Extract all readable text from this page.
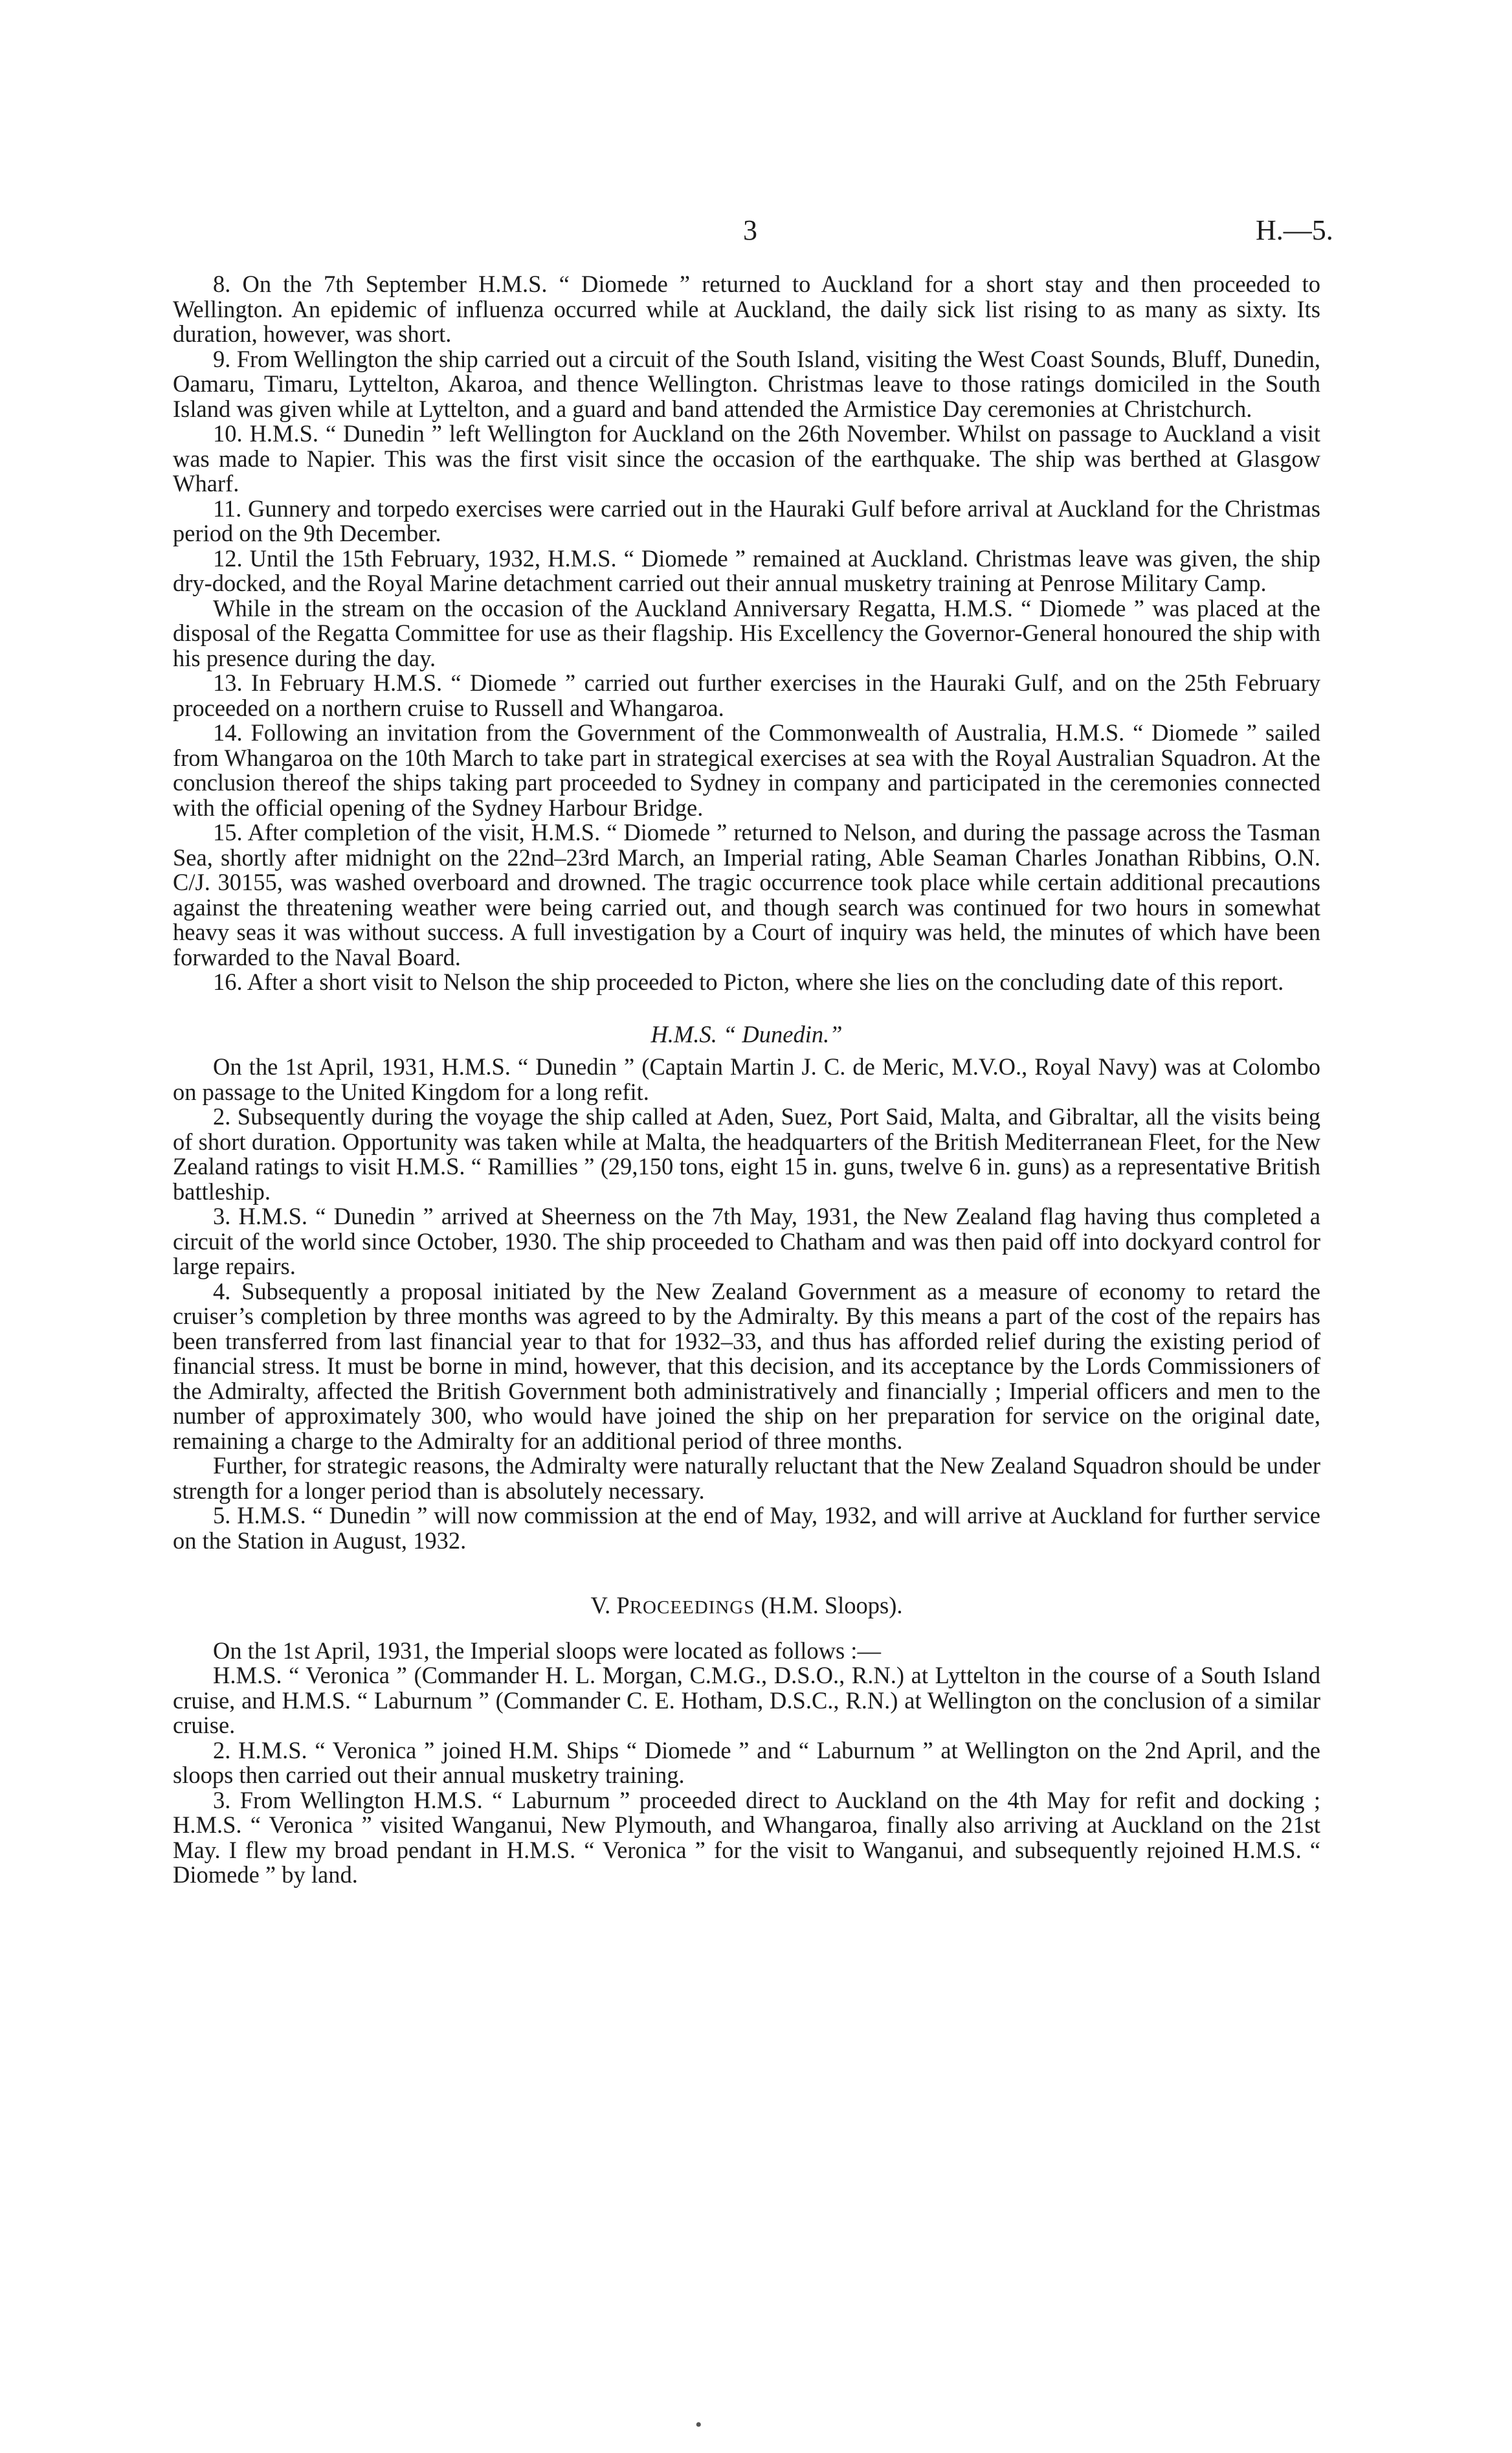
3	H.—5.

8. On the 7th September H.M.S. “ Diomede ” returned to Auckland for a short stay and then proceeded to Wellington. An epidemic of influenza occurred while at Auckland, the daily sick list rising to as many as sixty. Its duration, however, was short.

9. From Wellington the ship carried out a circuit of the South Island, visiting the West Coast Sounds, Bluff, Dunedin, Oamaru, Timaru, Lyttelton, Akaroa, and thence Wellington. Christmas leave to those ratings domiciled in the South Island was given while at Lyttelton, and a guard and band attended the Armistice Day ceremonies at Christchurch.

10. H.M.S. “ Dunedin ” left Wellington for Auckland on the 26th November. Whilst on passage to Auckland a visit was made to Napier. This was the first visit since the occasion of the earthquake. The ship was berthed at Glasgow Wharf.

11. Gunnery and torpedo exercises were carried out in the Hauraki Gulf before arrival at Auckland for the Christmas period on the 9th December.

12. Until the 15th February, 1932, H.M.S. “ Diomede ” remained at Auckland. Christmas leave was given, the ship dry-docked, and the Royal Marine detachment carried out their annual musketry training at Penrose Military Camp.

While in the stream on the occasion of the Auckland Anniversary Regatta, H.M.S. “ Diomede ” was placed at the disposal of the Regatta Committee for use as their flagship. His Excellency the Governor-General honoured the ship with his presence during the day.

13. In February H.M.S. “ Diomede ” carried out further exercises in the Hauraki Gulf, and on the 25th February proceeded on a northern cruise to Russell and Whangaroa.

14. Following an invitation from the Government of the Commonwealth of Australia, H.M.S. “ Diomede ” sailed from Whangaroa on the 10th March to take part in strategical exercises at sea with the Royal Australian Squadron. At the conclusion thereof the ships taking part proceeded to Sydney in company and participated in the ceremonies connected with the official opening of the Sydney Harbour Bridge.

15. After completion of the visit, H.M.S. “ Diomede ” returned to Nelson, and during the passage across the Tasman Sea, shortly after midnight on the 22nd–23rd March, an Imperial rating, Able Seaman Charles Jonathan Ribbins, O.N. C/J. 30155, was washed overboard and drowned. The tragic occurrence took place while certain additional precautions against the threatening weather were being carried out, and though search was continued for two hours in somewhat heavy seas it was without success. A full investigation by a Court of inquiry was held, the minutes of which have been forwarded to the Naval Board.

16. After a short visit to Nelson the ship proceeded to Picton, where she lies on the concluding date of this report.

H.M.S. “ Dunedin.”

On the 1st April, 1931, H.M.S. “ Dunedin ” (Captain Martin J. C. de Meric, M.V.O., Royal Navy) was at Colombo on passage to the United Kingdom for a long refit.

2. Subsequently during the voyage the ship called at Aden, Suez, Port Said, Malta, and Gibraltar, all the visits being of short duration. Opportunity was taken while at Malta, the headquarters of the British Mediterranean Fleet, for the New Zealand ratings to visit H.M.S. “ Ramillies ” (29,150 tons, eight 15 in. guns, twelve 6 in. guns) as a representative British battleship.

3. H.M.S. “ Dunedin ” arrived at Sheerness on the 7th May, 1931, the New Zealand flag having thus completed a circuit of the world since October, 1930. The ship proceeded to Chatham and was then paid off into dockyard control for large repairs.

4. Subsequently a proposal initiated by the New Zealand Government as a measure of economy to retard the cruiser’s completion by three months was agreed to by the Admiralty. By this means a part of the cost of the repairs has been transferred from last financial year to that for 1932–33, and thus has afforded relief during the existing period of financial stress. It must be borne in mind, however, that this decision, and its acceptance by the Lords Commissioners of the Admiralty, affected the British Government both administratively and financially ; Imperial officers and men to the number of approximately 300, who would have joined the ship on her preparation for service on the original date, remaining a charge to the Admiralty for an additional period of three months.

Further, for strategic reasons, the Admiralty were naturally reluctant that the New Zealand Squadron should be under strength for a longer period than is absolutely necessary.

5. H.M.S. “ Dunedin ” will now commission at the end of May, 1932, and will arrive at Auckland for further service on the Station in August, 1932.

V. PROCEEDINGS (H.M. Sloops).

On the 1st April, 1931, the Imperial sloops were located as follows :—

H.M.S. “ Veronica ” (Commander H. L. Morgan, C.M.G., D.S.O., R.N.) at Lyttelton in the course of a South Island cruise, and H.M.S. “ Laburnum ” (Commander C. E. Hotham, D.S.C., R.N.) at Wellington on the conclusion of a similar cruise.

2. H.M.S. “ Veronica ” joined H.M. Ships “ Diomede ” and “ Laburnum ” at Wellington on the 2nd April, and the sloops then carried out their annual musketry training.

3. From Wellington H.M.S. “ Laburnum ” proceeded direct to Auckland on the 4th May for refit and docking ; H.M.S. “ Veronica ” visited Wanganui, New Plymouth, and Whangaroa, finally also arriving at Auckland on the 21st May. I flew my broad pendant in H.M.S. “ Veronica ” for the visit to Wanganui, and subsequently rejoined H.M.S. “ Diomede ” by land.

•
